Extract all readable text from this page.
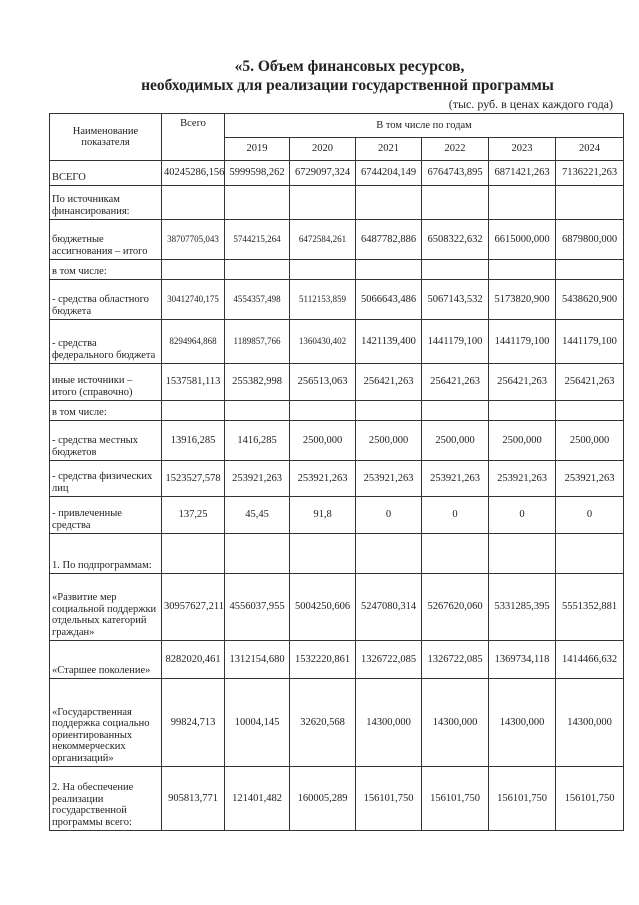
«5. Объем финансовых ресурсов,
необходимых для реализации государственной программы
(тыс. руб. в ценах каждого года)
Наименование показателя	Всего	В том числе по годам					
		2019	2020	2021	2022	2023	2024
ВСЕГО	40245286,156	5999598,262	6729097,324	6744204,149	6764743,895	6871421,263	7136221,263
По источникам финансирования:							
бюджетные ассигнования – итого	38707705,043	5744215,264	6472584,261	6487782,886	6508322,632	6615000,000	6879800,000
в том числе:							
- средства областного бюджета	30412740,175	4554357,498	5112153,859	5066643,486	5067143,532	5173820,900	5438620,900
- средства федерального бюджета	8294964,868	1189857,766	1360430,402	1421139,400	1441179,100	1441179,100	1441179,100
иные источники – итого (справочно)	1537581,113	255382,998	256513,063	256421,263	256421,263	256421,263	256421,263
в том числе:							
- средства местных бюджетов	13916,285	1416,285	2500,000	2500,000	2500,000	2500,000	2500,000
- средства физических лиц	1523527,578	253921,263	253921,263	253921,263	253921,263	253921,263	253921,263
- привлеченные средства	137,25	45,45	91,8	0	0	0	0
1. По подпрограммам:							
«Развитие мер социальной поддержки отдельных категорий граждан»	30957627,211	4556037,955	5004250,606	5247080,314	5267620,060	5331285,395	5551352,881
«Старшее поколение»	8282020,461	1312154,680	1532220,861	1326722,085	1326722,085	1369734,118	1414466,632
«Государственная поддержка социально ориентированных некоммерческих организаций»	99824,713	10004,145	32620,568	14300,000	14300,000	14300,000	14300,000
2. На обеспечение реализации государственной программы всего:	905813,771	121401,482	160005,289	156101,750	156101,750	156101,750	156101,750
